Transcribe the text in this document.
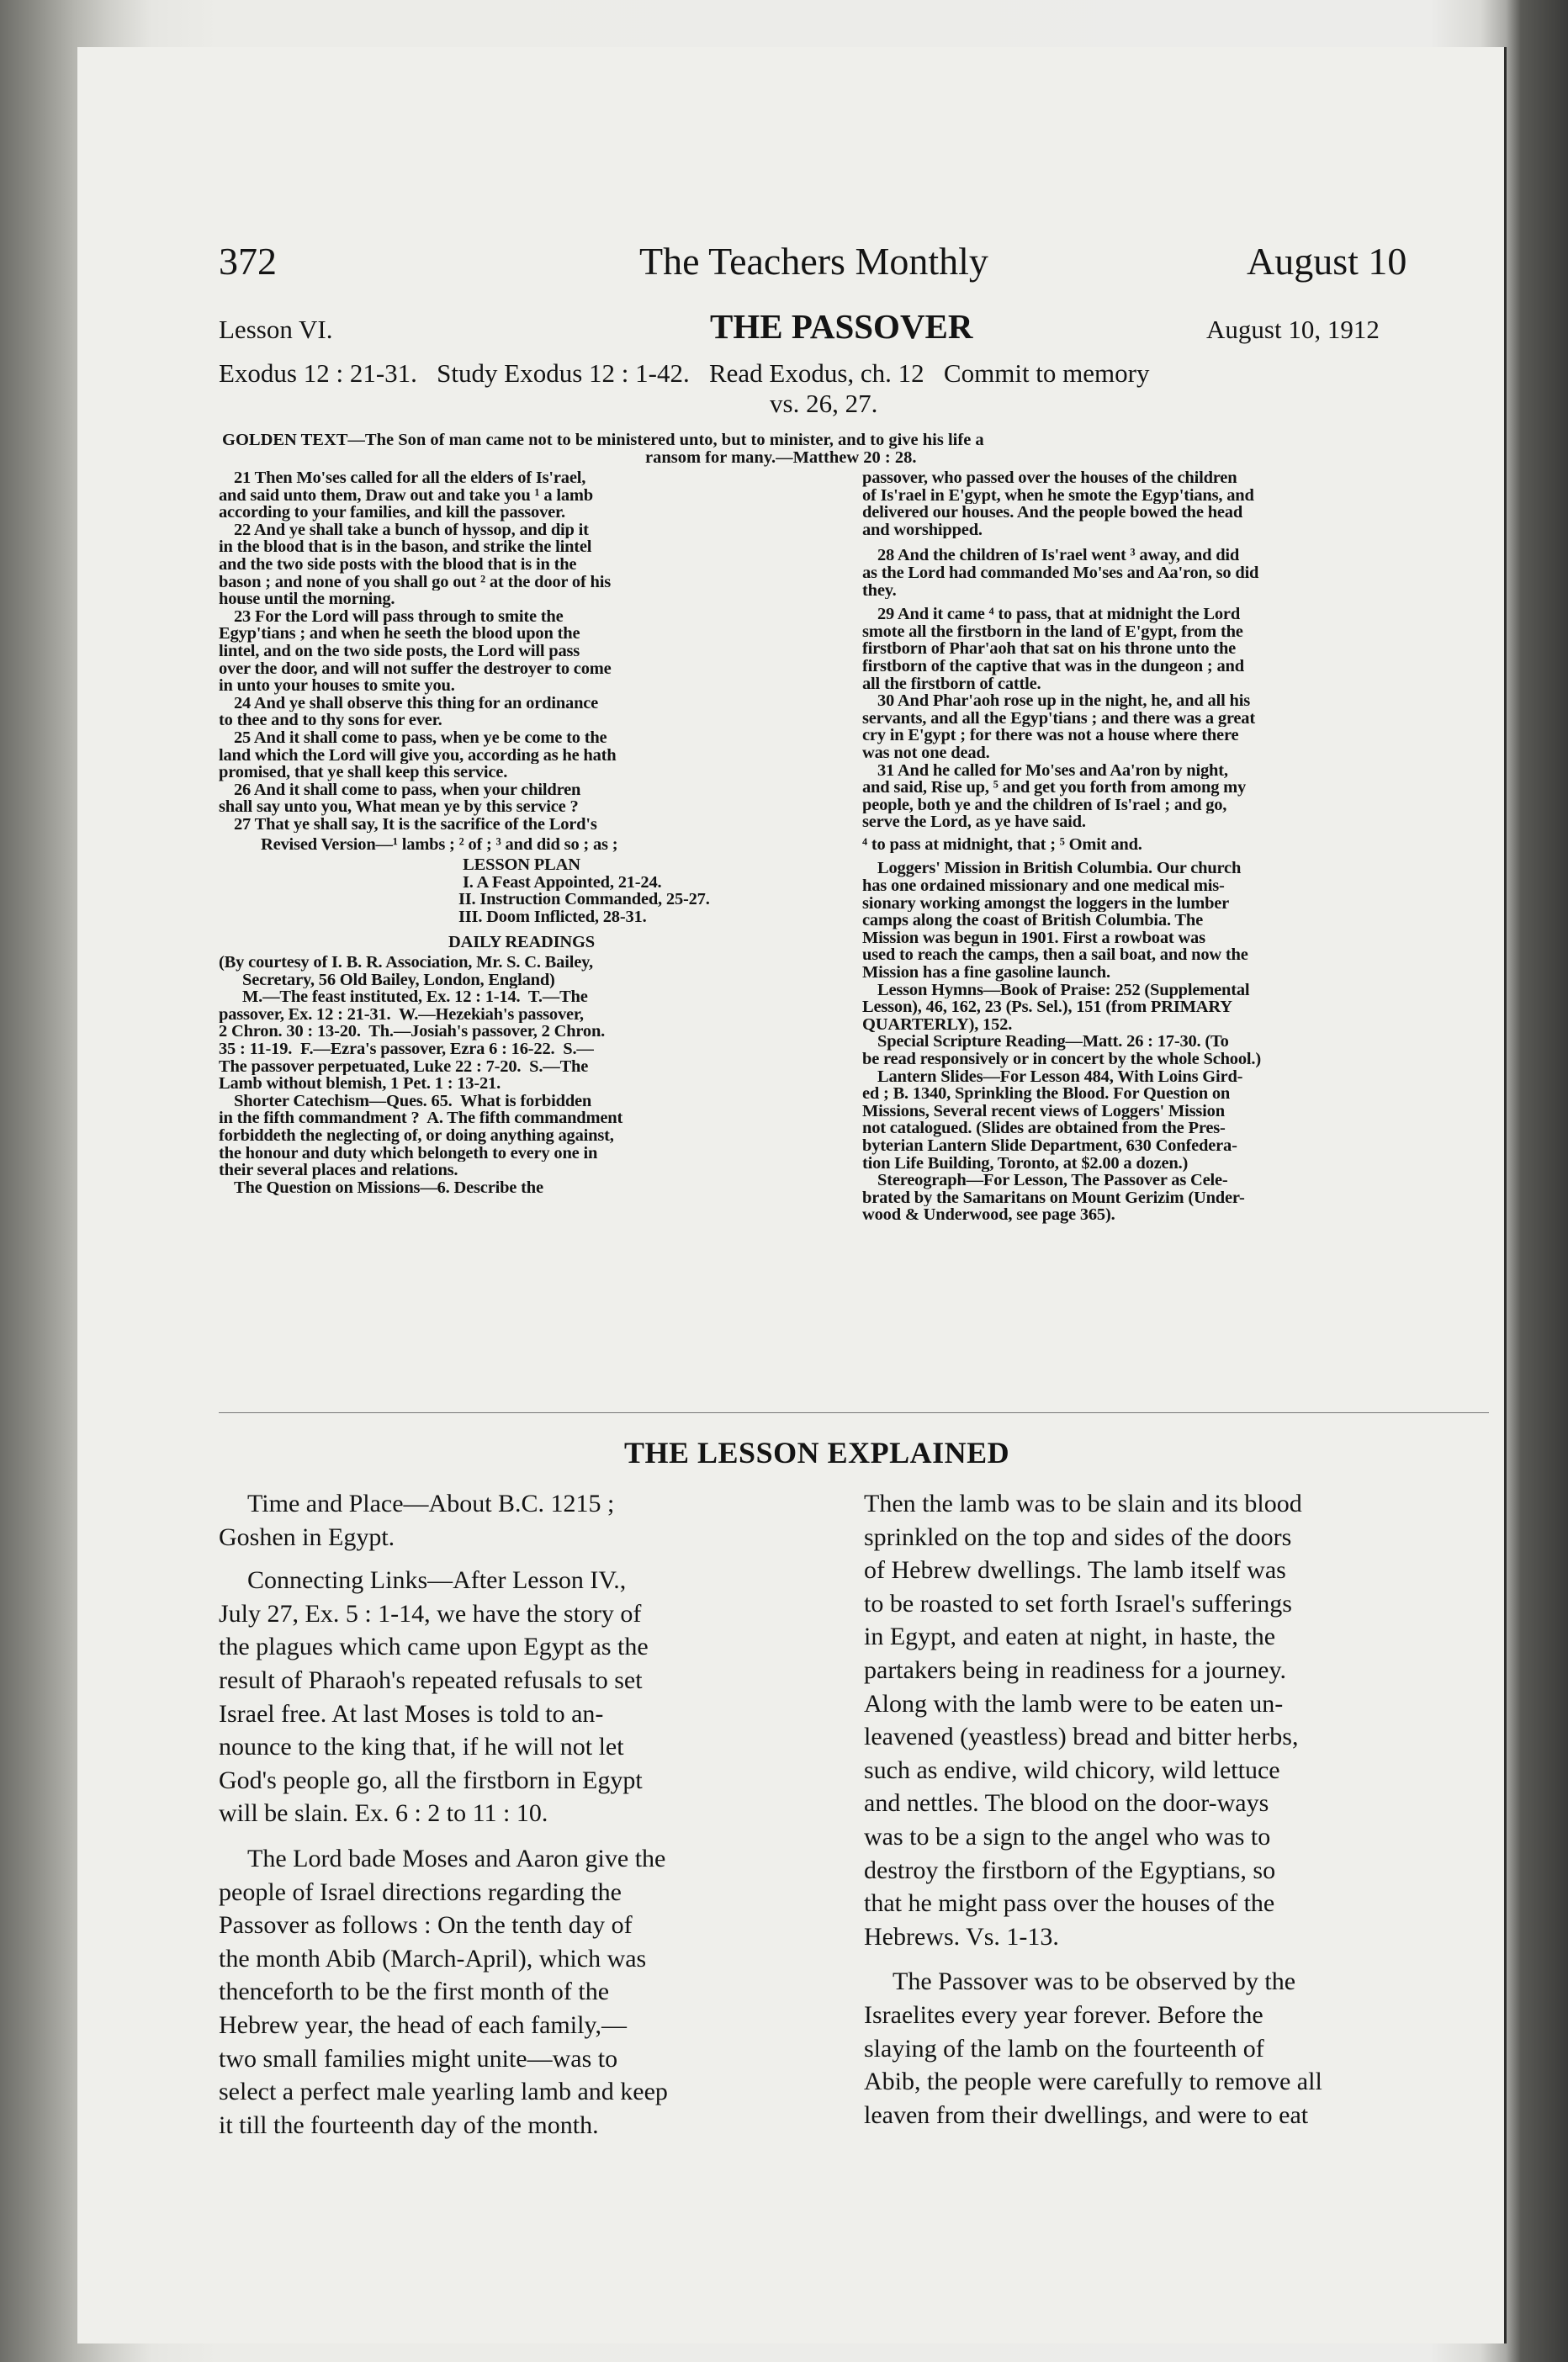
372	The Teachers Monthly	August 10
Lesson VI.	THE PASSOVER	August 10, 1912
Exodus 12 : 21-31.   Study Exodus 12 : 1-42.   Read Exodus, ch. 12   Commit to memory
vs. 26, 27.
GOLDEN TEXT—The Son of man came not to be ministered unto, but to minister, and to give his life a
ransom for many.—Matthew 20 : 28.
21 Then Mo'ses called for all the elders of Is'rael,
and said unto them, Draw out and take you ¹ a lamb
according to your families, and kill the passover.
22 And ye shall take a bunch of hyssop, and dip it
in the blood that is in the bason, and strike the lintel
and the two side posts with the blood that is in the
bason ; and none of you shall go out ² at the door of his
house until the morning.
23 For the Lord will pass through to smite the
Egyp'tians ; and when he seeth the blood upon the
lintel, and on the two side posts, the Lord will pass
over the door, and will not suffer the destroyer to come
in unto your houses to smite you.
24 And ye shall observe this thing for an ordinance
to thee and to thy sons for ever.
25 And it shall come to pass, when ye be come to the
land which the Lord will give you, according as he hath
promised, that ye shall keep this service.
26 And it shall come to pass, when your children
shall say unto you, What mean ye by this service ?
27 That ye shall say, It is the sacrifice of the Lord's
Revised Version—¹ lambs ; ² of ; ³ and did so ; as ;
LESSON PLAN
I. A Feast Appointed, 21-24.
II. Instruction Commanded, 25-27.
III. Doom Inflicted, 28-31.
DAILY READINGS
(By courtesy of I. B. R. Association, Mr. S. C. Bailey,
Secretary, 56 Old Bailey, London, England)
M.—The feast instituted, Ex. 12 : 1-14.  T.—The
passover, Ex. 12 : 21-31.  W.—Hezekiah's passover,
2 Chron. 30 : 13-20.  Th.—Josiah's passover, 2 Chron.
35 : 11-19.  F.—Ezra's passover, Ezra 6 : 16-22.  S.—
The passover perpetuated, Luke 22 : 7-20.  S.—The
Lamb without blemish, 1 Pet. 1 : 13-21.
Shorter Catechism—Ques. 65.  What is forbidden
in the fifth commandment ?  A. The fifth commandment
forbiddeth the neglecting of, or doing anything against,
the honour and duty which belongeth to every one in
their several places and relations.
The Question on Missions—6. Describe the
passover, who passed over the houses of the children
of Is'rael in E'gypt, when he smote the Egyp'tians, and
delivered our houses. And the people bowed the head
and worshipped.
28 And the children of Is'rael went ³ away, and did
as the Lord had commanded Mo'ses and Aa'ron, so did
they.
29 And it came ⁴ to pass, that at midnight the Lord
smote all the firstborn in the land of E'gypt, from the
firstborn of Phar'aoh that sat on his throne unto the
firstborn of the captive that was in the dungeon ; and
all the firstborn of cattle.
30 And Phar'aoh rose up in the night, he, and all his
servants, and all the Egyp'tians ; and there was a great
cry in E'gypt ; for there was not a house where there
was not one dead.
31 And he called for Mo'ses and Aa'ron by night,
and said, Rise up, ⁵ and get you forth from among my
people, both ye and the children of Is'rael ; and go,
serve the Lord, as ye have said.
⁴ to pass at midnight, that ; ⁵ Omit and.
Loggers' Mission in British Columbia. Our church
has one ordained missionary and one medical mis-
sionary working amongst the loggers in the lumber
camps along the coast of British Columbia. The
Mission was begun in 1901. First a rowboat was
used to reach the camps, then a sail boat, and now the
Mission has a fine gasoline launch.
Lesson Hymns—Book of Praise: 252 (Supplemental
Lesson), 46, 162, 23 (Ps. Sel.), 151 (from PRIMARY
QUARTERLY), 152.
Special Scripture Reading—Matt. 26 : 17-30. (To
be read responsively or in concert by the whole School.)
Lantern Slides—For Lesson 484, With Loins Gird-
ed ; B. 1340, Sprinkling the Blood. For Question on
Missions, Several recent views of Loggers' Mission
not catalogued. (Slides are obtained from the Pres-
byterian Lantern Slide Department, 630 Confedera-
tion Life Building, Toronto, at $2.00 a dozen.)
Stereograph—For Lesson, The Passover as Cele-
brated by the Samaritans on Mount Gerizim (Under-
wood & Underwood, see page 365).
THE LESSON EXPLAINED

Time and Place—About B.C. 1215 ;
Goshen in Egypt.

Connecting Links—After Lesson IV.,
July 27, Ex. 5 : 1-14, we have the story of
the plagues which came upon Egypt as the
result of Pharaoh's repeated refusals to set
Israel free. At last Moses is told to an-
nounce to the king that, if he will not let
God's people go, all the firstborn in Egypt
will be slain. Ex. 6 : 2 to 11 : 10.

The Lord bade Moses and Aaron give the
people of Israel directions regarding the
Passover as follows : On the tenth day of
the month Abib (March-April), which was
thenceforth to be the first month of the
Hebrew year, the head of each family,—
two small families might unite—was to
select a perfect male yearling lamb and keep
it till the fourteenth day of the month.

Then the lamb was to be slain and its blood
sprinkled on the top and sides of the doors
of Hebrew dwellings. The lamb itself was
to be roasted to set forth Israel's sufferings
in Egypt, and eaten at night, in haste, the
partakers being in readiness for a journey.
Along with the lamb were to be eaten un-
leavened (yeastless) bread and bitter herbs,
such as endive, wild chicory, wild lettuce
and nettles. The blood on the door-ways
was to be a sign to the angel who was to
destroy the firstborn of the Egyptians, so
that he might pass over the houses of the
Hebrews. Vs. 1-13.

The Passover was to be observed by the
Israelites every year forever. Before the
slaying of the lamb on the fourteenth of
Abib, the people were carefully to remove all
leaven from their dwellings, and were to eat
